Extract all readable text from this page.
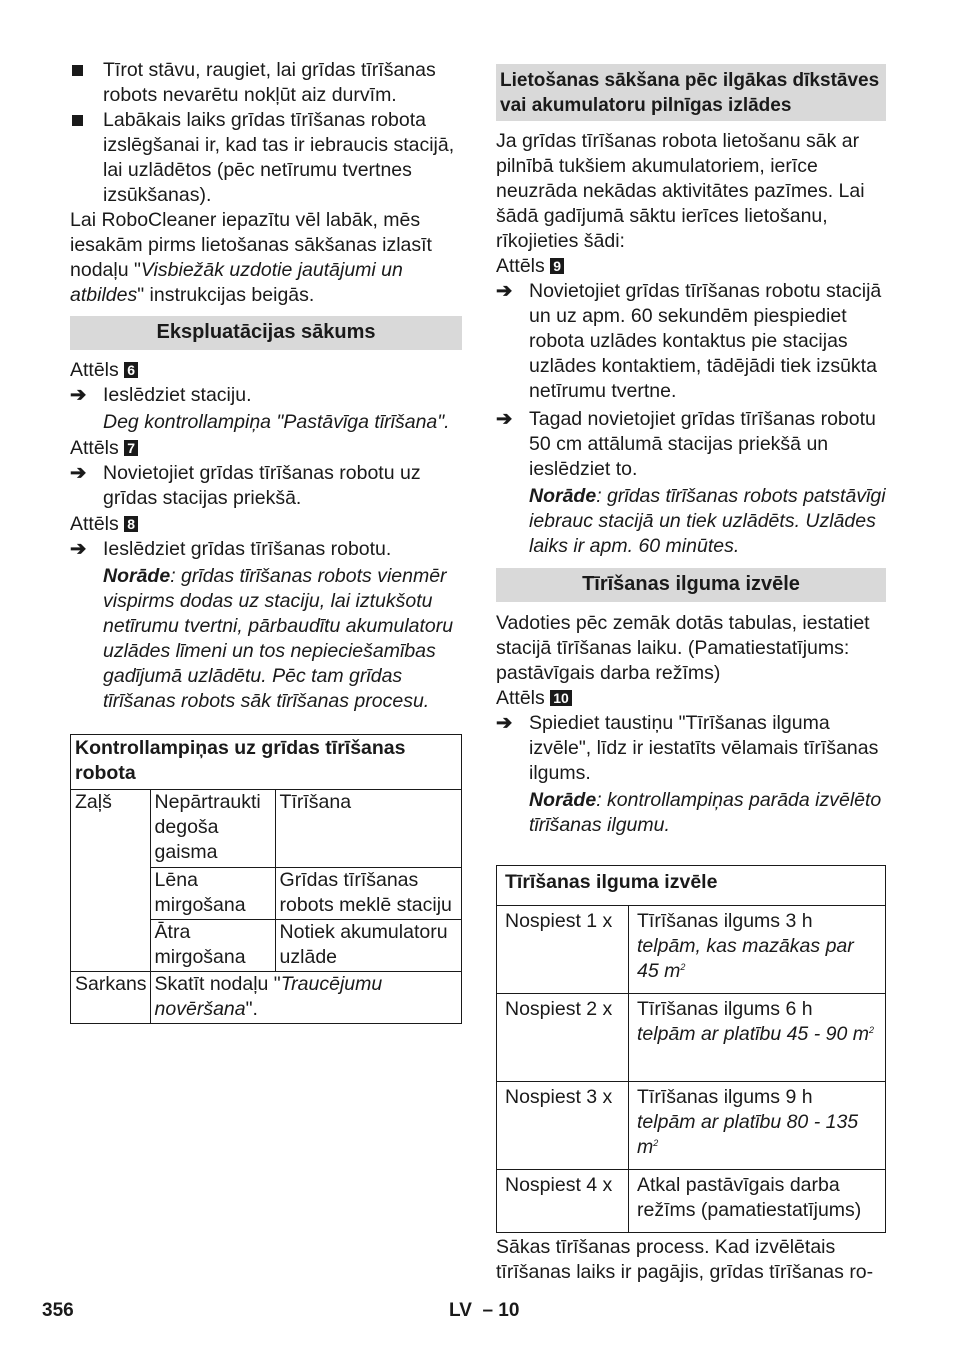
Tīrot stāvu, raugiet, lai grīdas tīrīšanas robots nevarētu nokļūt aiz durvīm.

Labākais laiks grīdas tīrīšanas robota izslēgšanai ir, kad tas ir iebraucis stacijā, lai uzlādētos (pēc netīrumu tvertnes izsūkšanas).

Lai RoboCleaner iepazītu vēl labāk, mēs iesakām pirms lietošanas sākšanas izlasīt nodaļu "Visbiežāk uzdotie jautājumi un atbildes" instrukcijas beigās.

Ekspluatācijas sākums

Attēls 6

➔ Ieslēdziet staciju.

Deg kontrollampiņa "Pastāvīga tīrīšana".

Attēls 7

➔ Novietojiet grīdas tīrīšanas robotu uz grīdas stacijas priekšā.

Attēls 8

➔ Ieslēdziet grīdas tīrīšanas robotu.

Norāde: grīdas tīrīšanas robots vienmēr vispirms dodas uz staciju, lai iztukšotu netīrumu tvertni, pārbaudītu akumulatoru uzlādes līmeni un tos nepieciešamības gadījumā uzlādētu. Pēc tam grīdas tīrīšanas robots sāk tīrīšanas procesu.

Kontrollampiņas uz grīdas tīrīšanas robota		
Zaļš	Nepārtraukti degoša gaisma	Tīrīšana
	Lēna mirgošana	Grīdas tīrīšanas robots meklē staciju
	Ātra mirgošana	Notiek akumulatoru uzlāde
Sarkans	Skatīt nodaļu "Traucējumu novēršana".	
Lietošanas sākšana pēc ilgākas dīkstāves vai akumulatoru pilnīgas izlādes

Ja grīdas tīrīšanas robota lietošanu sāk ar pilnībā tukšiem akumulatoriem, ierīce neuzrāda nekādas aktivitātes pazīmes. Lai šādā gadījumā sāktu ierīces lietošanu, rīkojieties šādi:

Attēls 9

➔ Novietojiet grīdas tīrīšanas robotu stacijā un uz apm. 60 sekundēm piespiediet robota uzlādes kontaktus pie stacijas uzlādes kontaktiem, tādējādi tiek izsūkta netīrumu tvertne.

➔ Tagad novietojiet grīdas tīrīšanas robotu 50 cm attālumā stacijas priekšā un ieslēdziet to.

Norāde: grīdas tīrīšanas robots patstāvīgi iebrauc stacijā un tiek uzlādēts. Uzlādes laiks ir apm. 60 minūtes.

Tīrīšanas ilguma izvēle

Vadoties pēc zemāk dotās tabulas, iestatiet stacijā tīrīšanas laiku. (Pamatiestatījums: pastāvīgais darba režīms)

Attēls 10

➔ Spiediet taustiņu "Tīrīšanas ilguma izvēle", līdz ir iestatīts vēlamais tīrīšanas ilgums.

Norāde: kontrollampiņas parāda izvēlēto tīrīšanas ilgumu.

Tīrīšanas ilguma izvēle	
Nospiest 1 x	Tīrīšanas ilgums 3 h
telpām, kas mazākas par 45 $m^2$
Nospiest 2 x	Tīrīšanas ilgums 6 h
telpām ar platību 45 - 90 $m^2$
Nospiest 3 x	Tīrīšanas ilgums 9 h
telpām ar platību 80 - 135 $m^2$
Nospiest 4 x	Atkal pastāvīgais darba režīms (pamatiestatījums)

Sākas tīrīšanas process. Kad izvēlētais tīrīšanas laiks ir pagājis, grīdas tīrīšanas ro-

356	LV – 10
